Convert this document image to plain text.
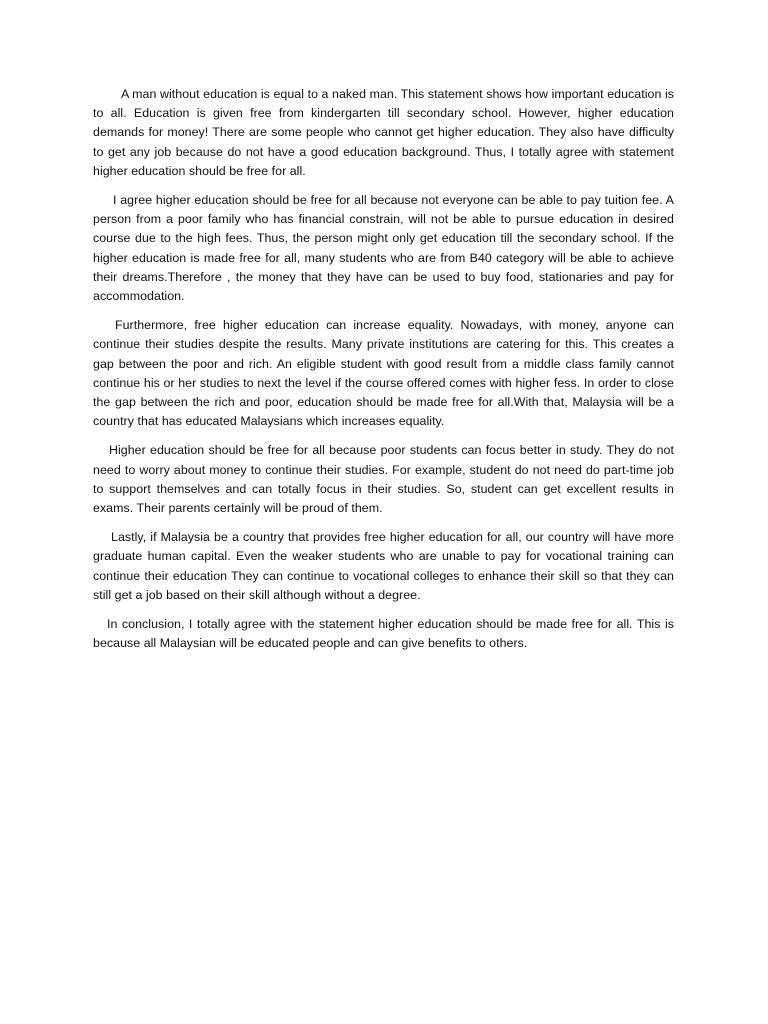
A man without education is equal to a naked man. This statement shows how important education is to all. Education is given free from kindergarten till secondary school. However, higher education demands for money! There are some people who cannot get higher education. They also have difficulty to get any job because do not have a good education background. Thus, I totally agree with statement higher education should be free for all.

I agree higher education should be free for all because not everyone can be able to pay tuition fee. A person from a poor family who has financial constrain, will not be able to pursue education in desired course due to the high fees. Thus, the person might only get education till the secondary school. If the higher education is made free for all, many students who are from B40 category will be able to achieve their dreams.Therefore , the money that they have can be used to buy food, stationaries and pay for accommodation.

Furthermore, free higher education can increase equality. Nowadays, with money, anyone can continue their studies despite the results. Many private institutions are catering for this. This creates a gap between the poor and rich. An eligible student with good result from a middle class family cannot continue his or her studies to next the level if the course offered comes with higher fess. In order to close the gap between the rich and poor, education should be made free for all.With that, Malaysia will be a country that has educated Malaysians which increases equality.

Higher education should be free for all because poor students can focus better in study. They do not need to worry about money to continue their studies. For example, student do not need do part-time job to support themselves and can totally focus in their studies. So, student can get excellent results in exams. Their parents certainly will be proud of them.

Lastly, if Malaysia be a country that provides free higher education for all, our country will have more graduate human capital. Even the weaker students who are unable to pay for vocational training can continue their education They can continue to vocational colleges to enhance their skill so that they can still get a job based on their skill although without a degree.

In conclusion, I totally agree with the statement higher education should be made free for all. This is because all Malaysian will be educated people and can give benefits to others.
